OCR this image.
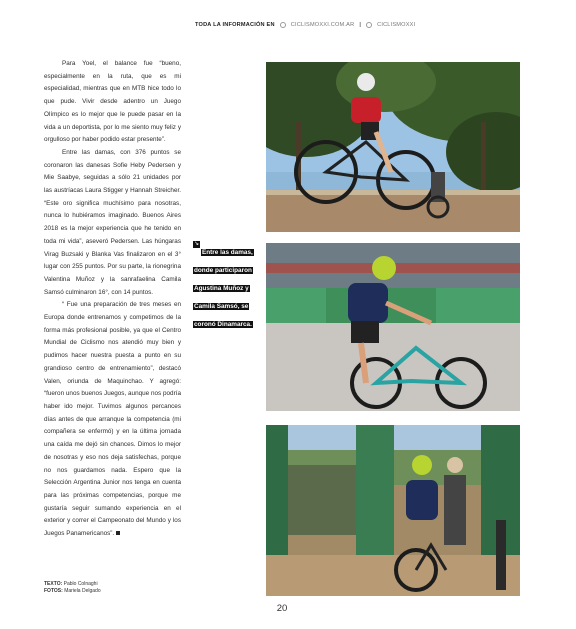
TODA LA INFORMACIÓN EN	CICLISMOXXI.COM.AR |	CICLISMOXXI

Para Yoel, el balance fue “bueno, especialmente en la ruta, que es mi especialidad, mientras que en MTB hice todo lo que pude. Vivir desde adentro un Juego Olímpico es lo mejor que le puede pasar en la vida a un deportista, por lo me siento muy feliz y orgulloso por haber podido estar presente”.

Entre las damas, con 376 puntos se coronaron las danesas Sofie Heby Pedersen y Mie Saabye, seguidas a sólo 21 unidades por las austríacas Laura Stigger y Hannah Streicher. “Este oro significa muchísimo para nosotras, nunca lo hubiéramos imaginado. Buenos Aires 2018 es la mejor experiencia que he tenido en toda mi vida”, aseveró Pedersen. Las húngaras Virag Buzsaki y Blanka Vas finalizaron en el 3° lugar con 255 puntos. Por su parte, la rionegrina Valentina Muñoz y la sanrafaelina Camila Samsó culminaron 16°, con 14 puntos.

“ Fue una preparación de tres meses en Europa donde entrenamos y competimos de la forma más profesional posible, ya que el Centro Mundial de Ciclismo nos atendió muy bien y pudimos hacer nuestra puesta a punto en su grandioso centro de entrenamiento”, destacó Valen, oriunda de Maquinchao. Y agregó: “fueron unos buenos Juegos, aunque nos podría haber ido mejor. Tuvimos algunos percances días antes de que arranque la competencia (mi compañera se enfermó) y en la última jornada una caída me dejó sin chances. Dimos lo mejor de nosotras y eso nos deja satisfechas, porque no nos guardamos nada. Espero que la Selección Argentina Junior nos tenga en cuenta para las próximas competencias, porque me gustaría seguir sumando experiencia en el exterior y correr el Campeonato del Mundo y los Juegos Panamericanos”.

TEXTO: Pablo Colnaghi
FOTOS: Mariela Delgado
↘Entre las damas,
donde participaron
Agustina Muñoz y
Camila Samsó, se
coronó Dinamarca.
20
